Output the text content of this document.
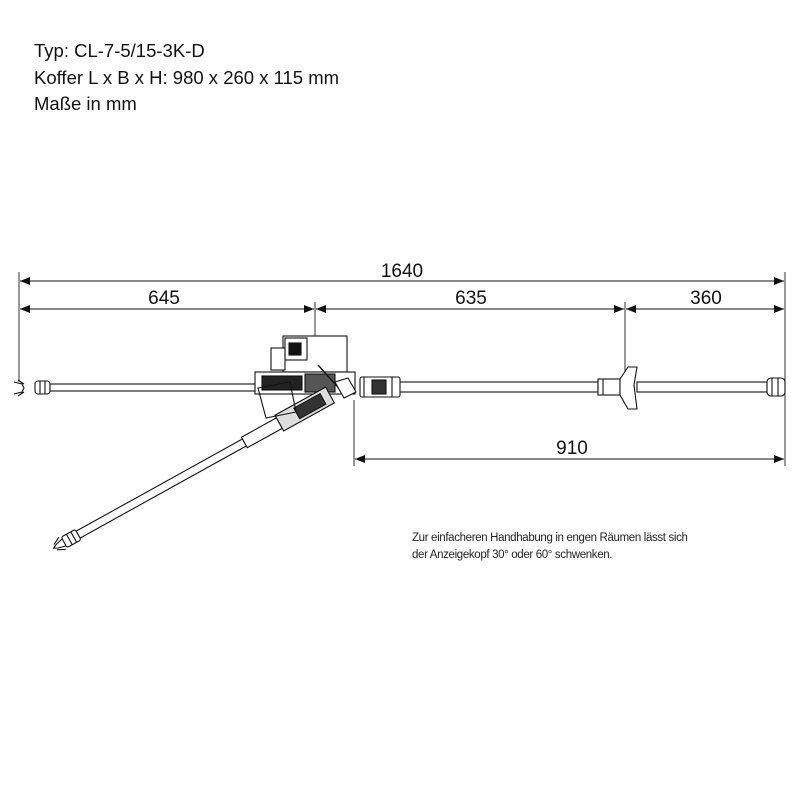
Typ: CL-7-5/15-3K-D
Koffer L x B x H: 980 x 260 x 115 mm
Maße in mm
1640
645	635	360
910
Zur einfacheren Handhabung in engen Räumen lässt sich
der Anzeigekopf 30° oder 60° schwenken.
